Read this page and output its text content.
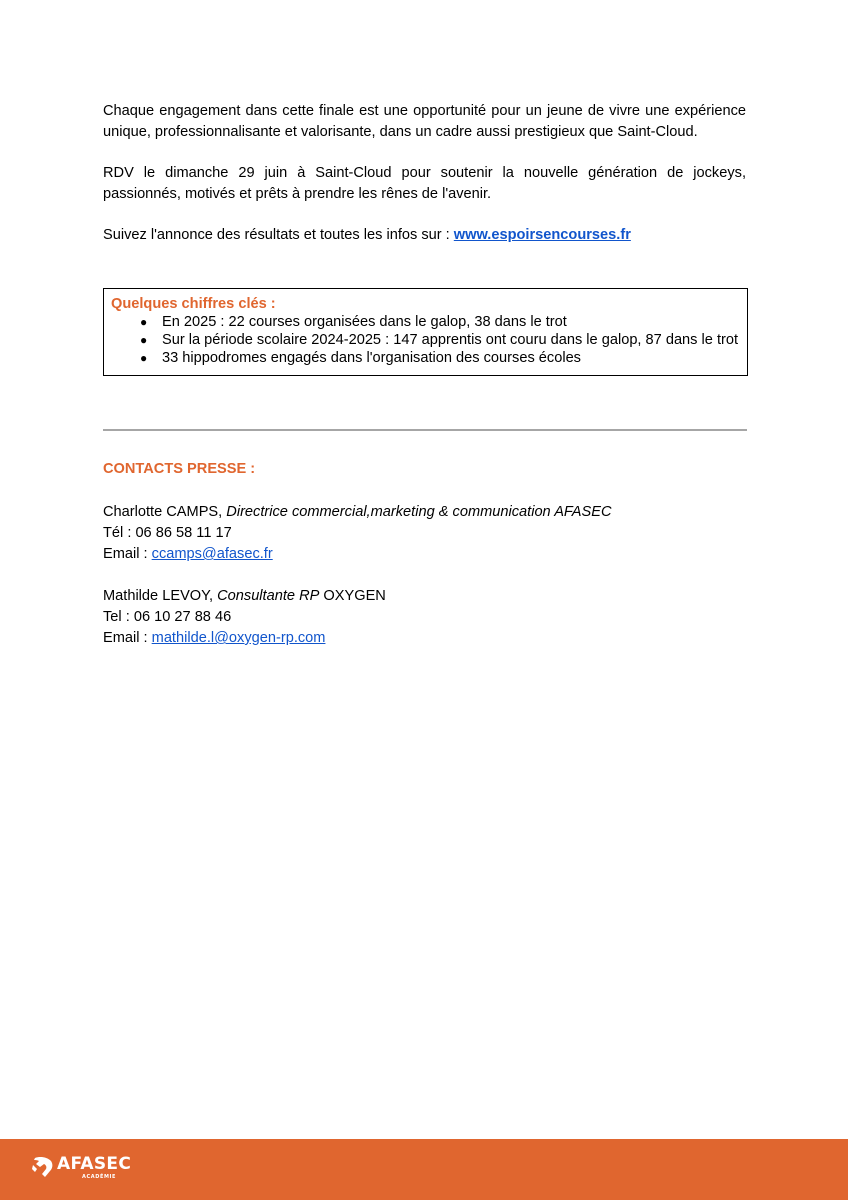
Chaque engagement dans cette finale est une opportunité pour un jeune de vivre une expérience unique, professionnalisante et valorisante, dans un cadre aussi prestigieux que Saint-Cloud.

RDV le dimanche 29 juin à Saint-Cloud pour soutenir la nouvelle génération de jockeys, passionnés, motivés et prêts à prendre les rênes de l'avenir.

Suivez l'annonce des résultats et toutes les infos sur : www.espoirsencourses.fr

Quelques chiffres clés :
● En 2025 : 22 courses organisées dans le galop, 38 dans le trot
● Sur la période scolaire 2024-2025 : 147 apprentis ont couru dans le galop, 87 dans le trot
● 33 hippodromes engagés dans l'organisation des courses écoles
CONTACTS PRESSE :
Charlotte CAMPS, Directrice commercial,marketing & communication AFASEC
Tél : 06 86 58 11 17
Email : ccamps@afasec.fr
Mathilde LEVOY, Consultante RP OXYGEN
Tel : 06 10 27 88 46
Email : mathilde.l@oxygen-rp.com
AFASEC
ACADÉMIE
